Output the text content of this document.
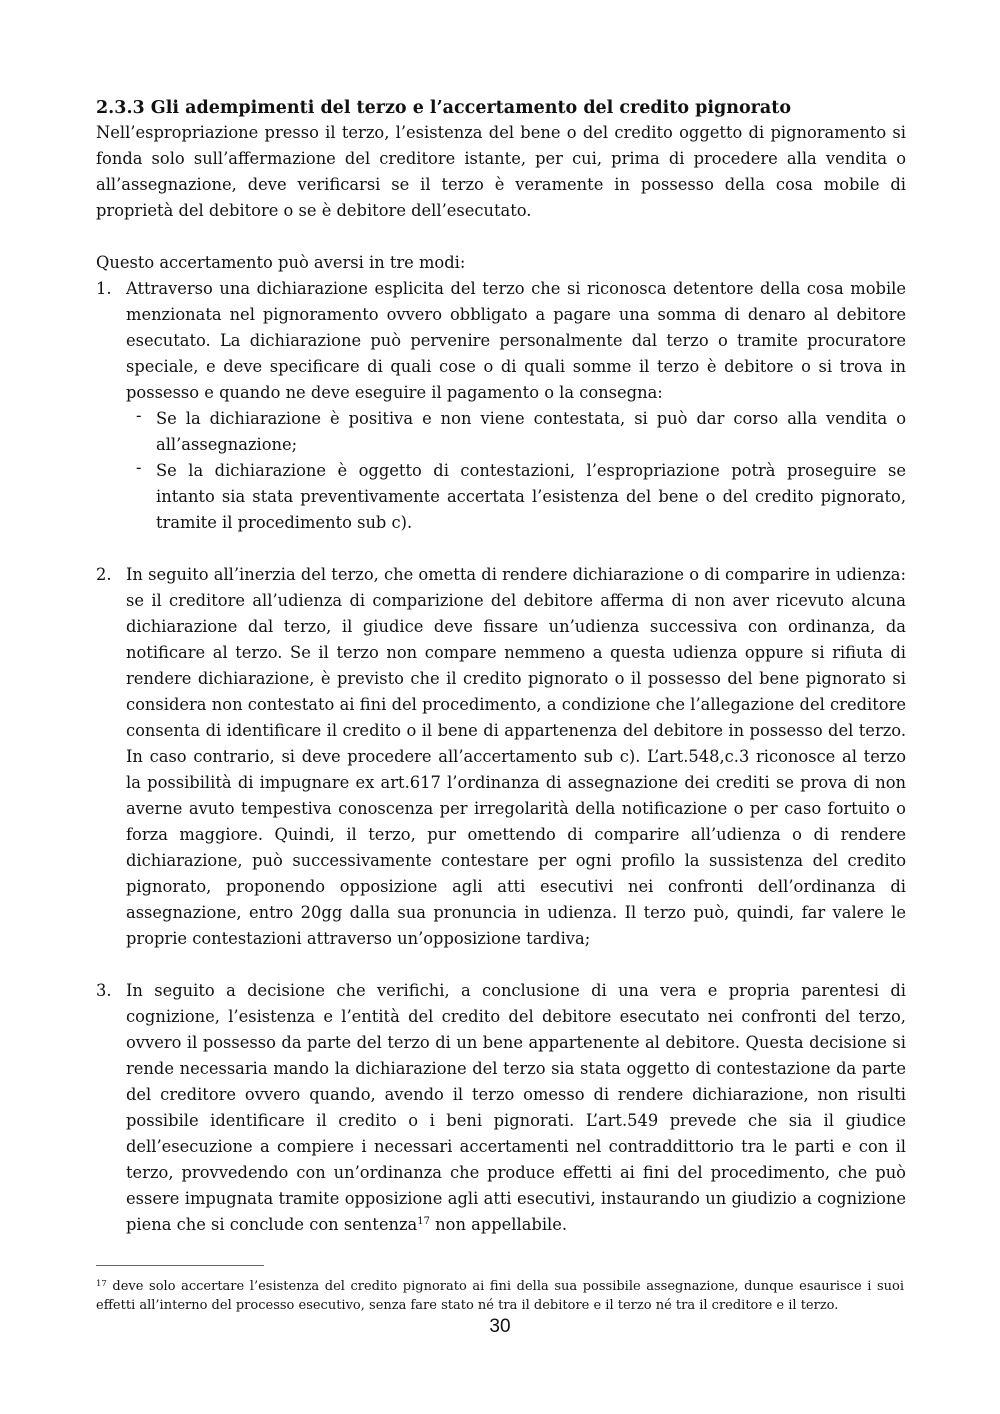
2.3.3 Gli adempimenti del terzo e l’accertamento del credito pignorato

Nell’espropriazione presso il terzo, l’esistenza del bene o del credito oggetto di pignoramento si fonda solo sull’affermazione del creditore istante, per cui, prima di procedere alla vendita o all’assegnazione, deve verificarsi se il terzo è veramente in possesso della cosa mobile di proprietà del debitore o se è debitore dell’esecutato.

Questo accertamento può aversi in tre modi:

1. Attraverso una dichiarazione esplicita del terzo che si riconosca detentore della cosa mobile menzionata nel pignoramento ovvero obbligato a pagare una somma di denaro al debitore esecutato. La dichiarazione può pervenire personalmente dal terzo o tramite procuratore speciale, e deve specificare di quali cose o di quali somme il terzo è debitore o si trova in possesso e quando ne deve eseguire il pagamento o la consegna:
- Se la dichiarazione è positiva e non viene contestata, si può dar corso alla vendita o all’assegnazione;
- Se la dichiarazione è oggetto di contestazioni, l’espropriazione potrà proseguire se intanto sia stata preventivamente accertata l’esistenza del bene o del credito pignorato, tramite il procedimento sub c).
2. In seguito all’inerzia del terzo, che ometta di rendere dichiarazione o di comparire in udienza: se il creditore all’udienza di comparizione del debitore afferma di non aver ricevuto alcuna dichiarazione dal terzo, il giudice deve fissare un’udienza successiva con ordinanza, da notificare al terzo. Se il terzo non compare nemmeno a questa udienza oppure si rifiuta di rendere dichiarazione, è previsto che il credito pignorato o il possesso del bene pignorato si considera non contestato ai fini del procedimento, a condizione che l’allegazione del creditore consenta di identificare il credito o il bene di appartenenza del debitore in possesso del terzo. In caso contrario, si deve procedere all’accertamento sub c). L’art.548,c.3 riconosce al terzo la possibilità di impugnare ex art.617 l’ordinanza di assegnazione dei crediti se prova di non averne avuto tempestiva conoscenza per irregolarità della notificazione o per caso fortuito o forza maggiore. Quindi, il terzo, pur omettendo di comparire all’udienza o di rendere dichiarazione, può successivamente contestare per ogni profilo la sussistenza del credito pignorato, proponendo opposizione agli atti esecutivi nei confronti dell’ordinanza di assegnazione, entro 20gg dalla sua pronuncia in udienza. Il terzo può, quindi, far valere le proprie contestazioni attraverso un’opposizione tardiva;
3. In seguito a decisione che verifichi, a conclusione di una vera e propria parentesi di cognizione, l’esistenza e l’entità del credito del debitore esecutato nei confronti del terzo, ovvero il possesso da parte del terzo di un bene appartenente al debitore. Questa decisione si rende necessaria mando la dichiarazione del terzo sia stata oggetto di contestazione da parte del creditore ovvero quando, avendo il terzo omesso di rendere dichiarazione, non risulti possibile identificare il credito o i beni pignorati. L’art.549 prevede che sia il giudice dell’esecuzione a compiere i necessari accertamenti nel contraddittorio tra le parti e con il terzo, provvedendo con un’ordinanza che produce effetti ai fini del procedimento, che può essere impugnata tramite opposizione agli atti esecutivi, instaurando un giudizio a cognizione piena che si conclude con sentenza$^{17}$ non appellabile.
$^{17}$ deve solo accertare l’esistenza del credito pignorato ai fini della sua possibile assegnazione, dunque esaurisce i suoi effetti all’interno del processo esecutivo, senza fare stato né tra il debitore e il terzo né tra il creditore e il terzo.
30
